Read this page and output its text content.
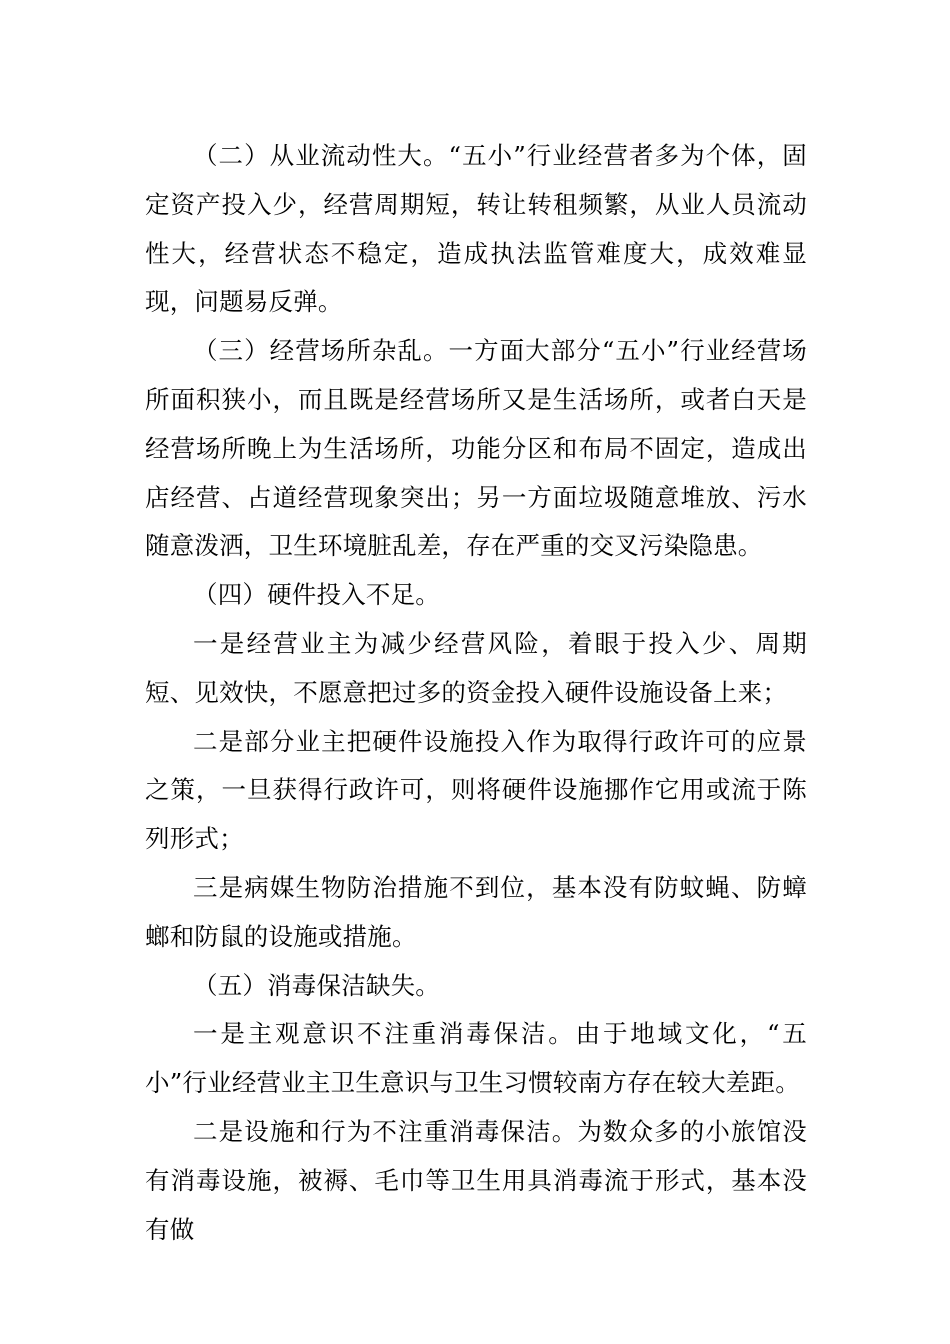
（二）从业流动性大。“五小”行业经营者多为个体，固定资产投入少，经营周期短，转让转租频繁，从业人员流动性大，经营状态不稳定，造成执法监管难度大，成效难显现，问题易反弹。

（三）经营场所杂乱。一方面大部分“五小”行业经营场所面积狭小，而且既是经营场所又是生活场所，或者白天是经营场所晚上为生活场所，功能分区和布局不固定，造成出店经营、占道经营现象突出；另一方面垃圾随意堆放、污水随意泼洒，卫生环境脏乱差，存在严重的交叉污染隐患。

（四）硬件投入不足。

一是经营业主为减少经营风险，着眼于投入少、周期短、见效快，不愿意把过多的资金投入硬件设施设备上来；

二是部分业主把硬件设施投入作为取得行政许可的应景之策，一旦获得行政许可，则将硬件设施挪作它用或流于陈列形式；

三是病媒生物防治措施不到位，基本没有防蚊蝇、防蟑螂和防鼠的设施或措施。

（五）消毒保洁缺失。

一是主观意识不注重消毒保洁。由于地域文化，“五小”行业经营业主卫生意识与卫生习惯较南方存在较大差距。

二是设施和行为不注重消毒保洁。为数众多的小旅馆没有消毒设施，被褥、毛巾等卫生用具消毒流于形式，基本没有做
